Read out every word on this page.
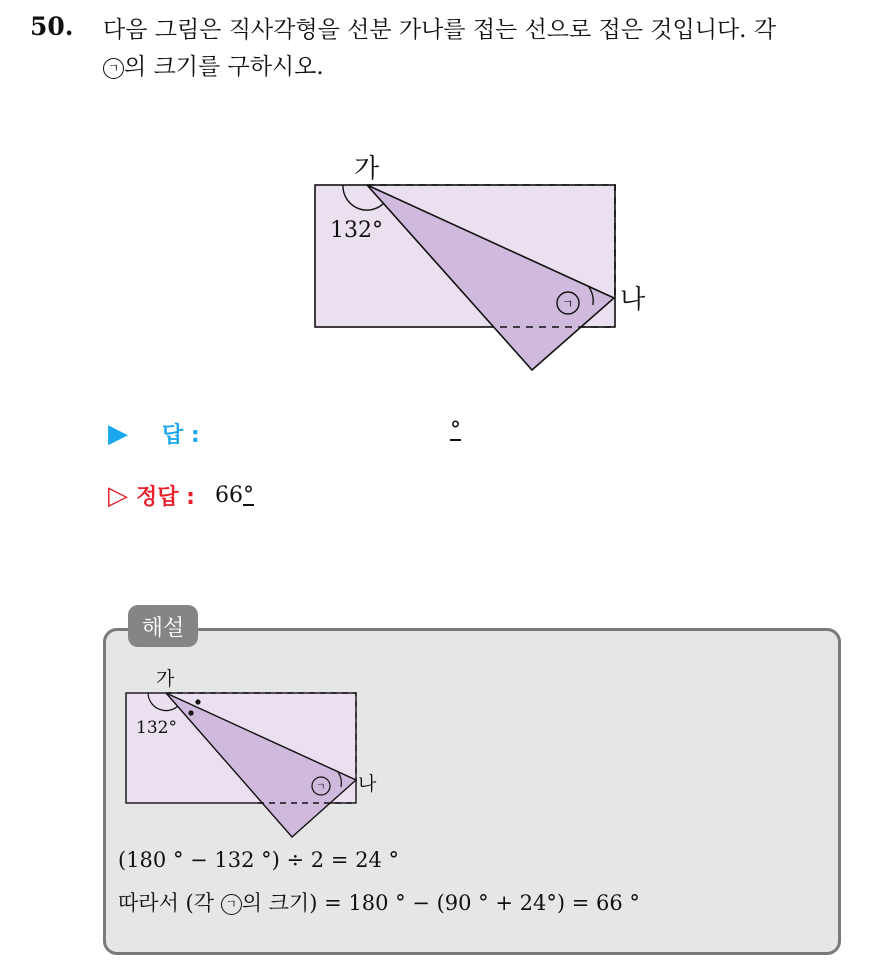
50. 다음 그림은 직사각형을 선분 가나를 접는 선으로 접은 것입니다. 각
ㄱ 의 크기를 구하시오.
가
나
132°
ㄱ
▶ 답 :	°
▷ 정답 : 66°
해설
가
나
132°
ㄱ
(180 ° − 132 °) ÷ 2 = 24 °
따라서 (각 ㄱ 의 크기) = 180 ° − (90 ° + 24°) = 66 °
